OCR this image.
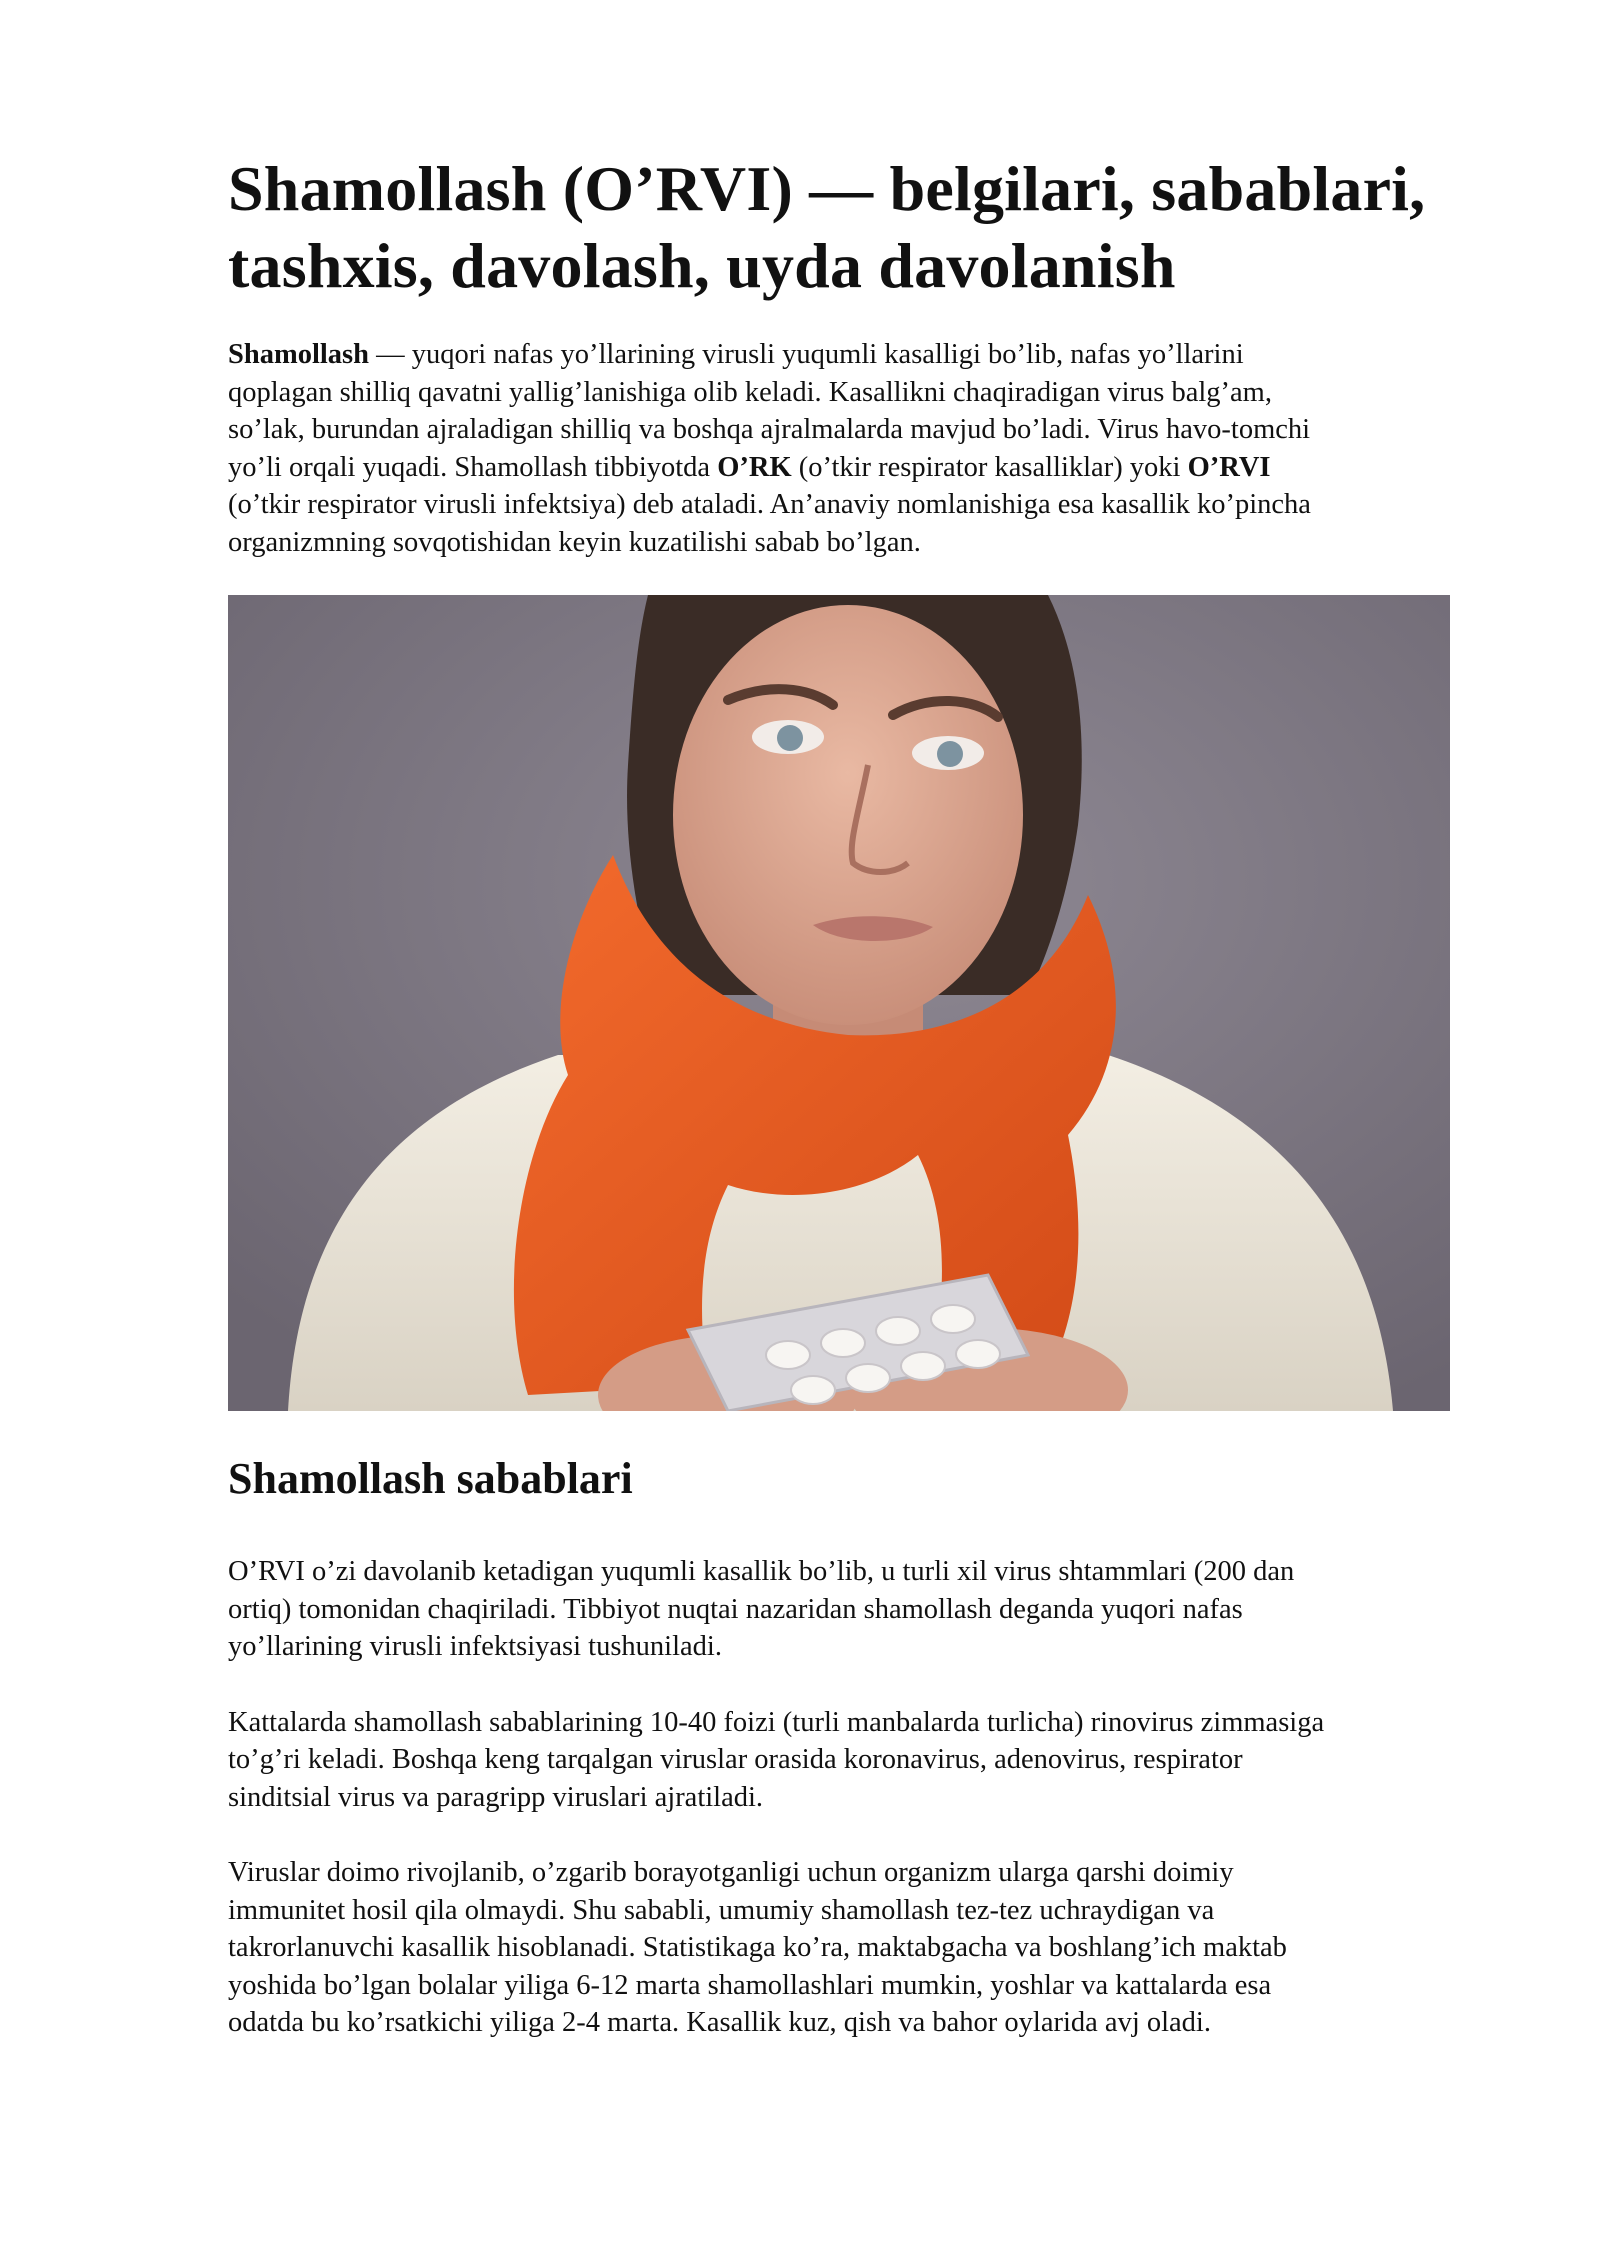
Shamollash (O’RVI) — belgilari, sabablari,
tashxis, davolash, uyda davolanish

Shamollash — yuqori nafas yo’llarining virusli yuqumli kasalligi bo’lib, nafas yo’llarini
qoplagan shilliq qavatni yallig’lanishiga olib keladi. Kasallikni chaqiradigan virus balg’am,
so’lak, burundan ajraladigan shilliq va boshqa ajralmalarda mavjud bo’ladi. Virus havo-tomchi
yo’li orqali yuqadi. Shamollash tibbiyotda O’RK (o’tkir respirator kasalliklar) yoki O’RVI
(o’tkir respirator virusli infektsiya) deb ataladi. An’anaviy nomlanishiga esa kasallik ko’pincha
organizmning sovqotishidan keyin kuzatilishi sabab bo’lgan.

Shamollash sabablari

O’RVI o’zi davolanib ketadigan yuqumli kasallik bo’lib, u turli xil virus shtammlari (200 dan
ortiq) tomonidan chaqiriladi. Tibbiyot nuqtai nazaridan shamollash deganda yuqori nafas
yo’llarining virusli infektsiyasi tushuniladi.

Kattalarda shamollash sabablarining 10-40 foizi (turli manbalarda turlicha) rinovirus zimmasiga
to’g’ri keladi. Boshqa keng tarqalgan viruslar orasida koronavirus, adenovirus, respirator
sinditsial virus va paragripp viruslari ajratiladi.

Viruslar doimo rivojlanib, o’zgarib borayotganligi uchun organizm ularga qarshi doimiy
immunitet hosil qila olmaydi. Shu sababli, umumiy shamollash tez-tez uchraydigan va
takrorlanuvchi kasallik hisoblanadi. Statistikaga ko’ra, maktabgacha va boshlang’ich maktab
yoshida bo’lgan bolalar yiliga 6-12 marta shamollashlari mumkin, yoshlar va kattalarda esa
odatda bu ko’rsatkichi yiliga 2-4 marta. Kasallik kuz, qish va bahor oylarida avj oladi.
